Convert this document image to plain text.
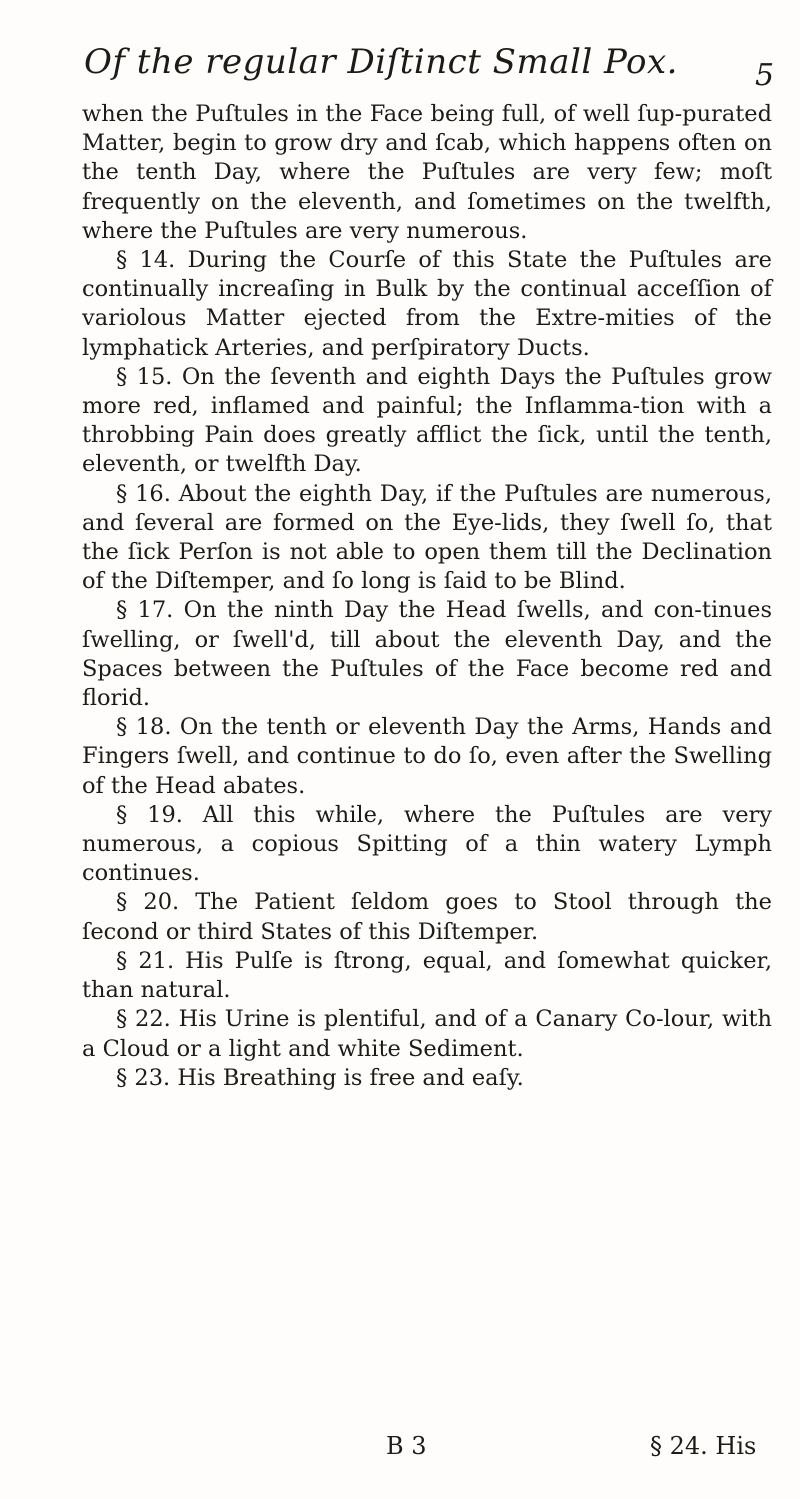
Of the regular Diſtinct Small Pox.	5

when the Puſtules in the Face being full, of well ſup-purated Matter, begin to grow dry and ſcab, which happens often on the tenth Day, where the Puſtules are very few; moſt frequently on the eleventh, and ſometimes on the twelfth, where the Puſtules are very numerous.

§ 14. During the Courſe of this State the Puſtules are continually increaſing in Bulk by the continual acceſſion of variolous Matter ejected from the Extre-mities of the lymphatick Arteries, and perſpiratory Ducts.

§ 15. On the ſeventh and eighth Days the Puſtules grow more red, inflamed and painful; the Inflamma-tion with a throbbing Pain does greatly afflict the ſick, until the tenth, eleventh, or twelfth Day.

§ 16. About the eighth Day, if the Puſtules are numerous, and ſeveral are formed on the Eye-lids, they ſwell ſo, that the ſick Perſon is not able to open them till the Declination of the Diſtemper, and ſo long is ſaid to be Blind.

§ 17. On the ninth Day the Head ſwells, and con-tinues ſwelling, or ſwell'd, till about the eleventh Day, and the Spaces between the Puſtules of the Face become red and florid.

§ 18. On the tenth or eleventh Day the Arms, Hands and Fingers ſwell, and continue to do ſo, even after the Swelling of the Head abates.

§ 19. All this while, where the Puſtules are very numerous, a copious Spitting of a thin watery Lymph continues.

§ 20. The Patient ſeldom goes to Stool through the ſecond or third States of this Diſtemper.

§ 21. His Pulſe is ſtrong, equal, and ſomewhat quicker, than natural.

§ 22. His Urine is plentiful, and of a Canary Co-lour, with a Cloud or a light and white Sediment.

§ 23. His Breathing is free and eaſy.

B 3	§ 24. His
